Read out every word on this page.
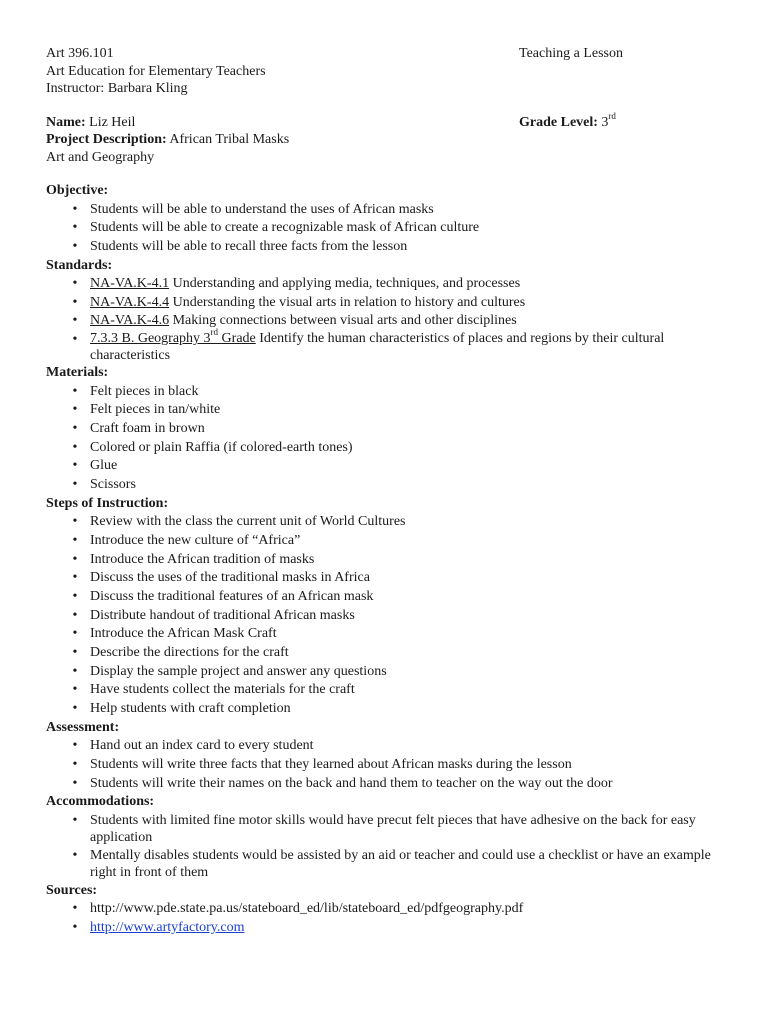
Art 396.101	Teaching a Lesson
Art Education for Elementary Teachers
Instructor: Barbara Kling
Name: Liz Heil	Grade Level: 3rd
Project Description: African Tribal Masks
Art and Geography
Objective:
• Students will be able to understand the uses of African masks
• Students will be able to create a recognizable mask of African culture
• Students will be able to recall three facts from the lesson
Standards:
• NA-VA.K-4.1 Understanding and applying media, techniques, and processes
• NA-VA.K-4.4 Understanding the visual arts in relation to history and cultures
• NA-VA.K-4.6 Making connections between visual arts and other disciplines
• 7.3.3 B. Geography 3rd Grade Identify the human characteristics of places and regions by their cultural characteristics
Materials:
• Felt pieces in black
• Felt pieces in tan/white
• Craft foam in brown
• Colored or plain Raffia (if colored-earth tones)
• Glue
• Scissors
Steps of Instruction:
• Review with the class the current unit of World Cultures
• Introduce the new culture of “Africa”
• Introduce the African tradition of masks
• Discuss the uses of the traditional masks in Africa
• Discuss the traditional features of an African mask
• Distribute handout of traditional African masks
• Introduce the African Mask Craft
• Describe the directions for the craft
• Display the sample project and answer any questions
• Have students collect the materials for the craft
• Help students with craft completion
Assessment:
• Hand out an index card to every student
• Students will write three facts that they learned about African masks during the lesson
• Students will write their names on the back and hand them to teacher on the way out the door
Accommodations:
• Students with limited fine motor skills would have precut felt pieces that have adhesive on the back for easy application
• Mentally disables students would be assisted by an aid or teacher and could use a checklist or have an example right in front of them
Sources:
• http://www.pde.state.pa.us/stateboard_ed/lib/stateboard_ed/pdfgeography.pdf
• http://www.artyfactory.com
